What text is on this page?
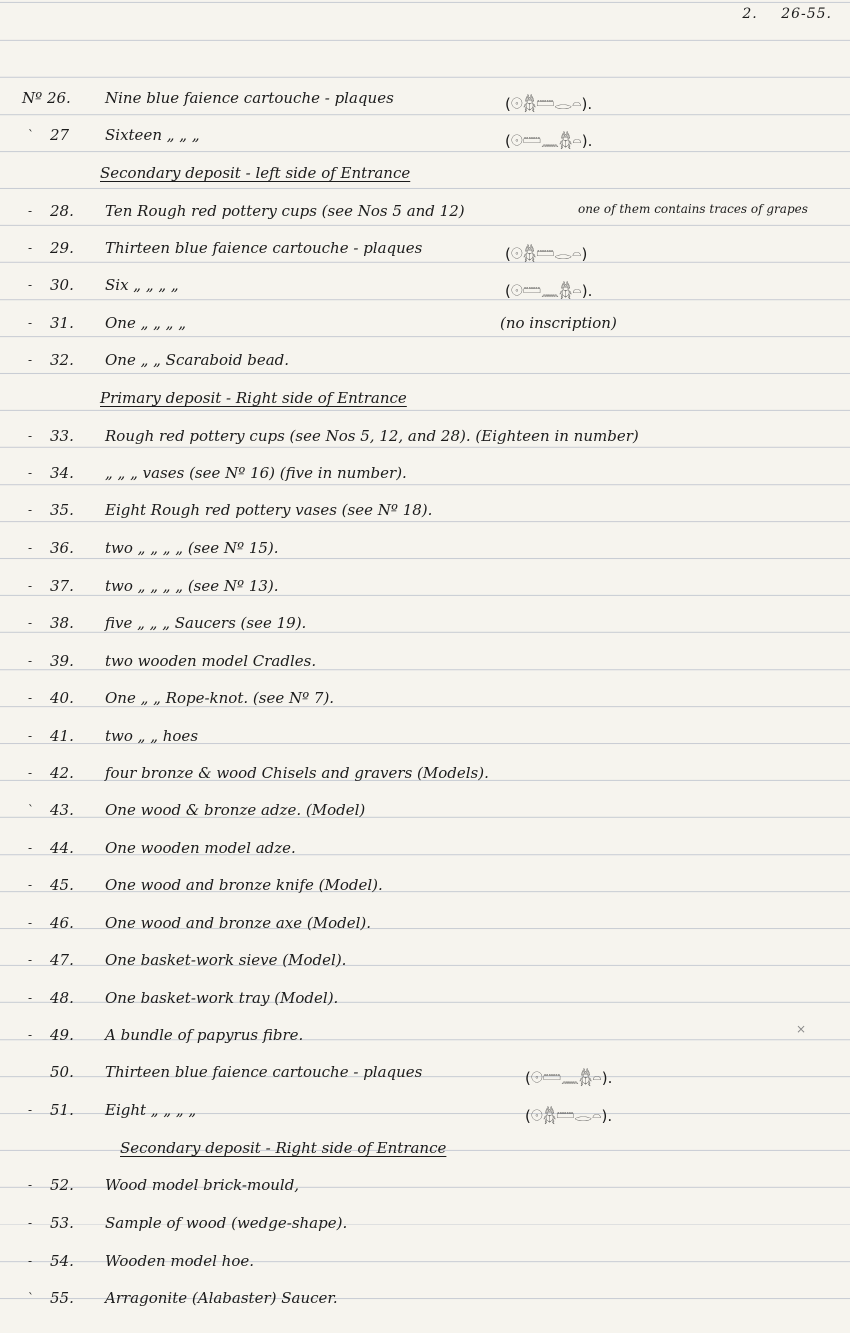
2. 26-55.
Nº 26. Nine blue faience cartouche - plaques	(𓇳𓆣𓏠𓂋𓏏).
` 27 Sixteen „ „ „	(𓇳𓏠𓈖𓆣𓏏).
Secondary deposit - left side of Entrance
- 28. Ten Rough red pottery cups (see Nos 5 and 12)	one of them contains traces of grapes
- 29. Thirteen blue faience cartouche - plaques	(𓇳𓆣𓏠𓂋𓏏)
- 30. Six „ „ „ „	(𓇳𓏠𓈖𓆣𓏏).
- 31. One „ „ „ „	(no inscription)
- 32. One „ „ Scaraboid bead.
Primary deposit - Right side of Entrance
- 33. Rough red pottery cups (see Nos 5, 12, and 28). (Eighteen in number)
- 34. „ „ „ vases (see Nº 16) (five in number).
- 35. Eight Rough red pottery vases (see Nº 18).
- 36. two „ „ „ „ (see Nº 15).
- 37. two „ „ „ „ (see Nº 13).
- 38. five „ „ „ Saucers (see 19).
- 39. two wooden model Cradles.
- 40. One „ „ Rope-knot. (see Nº 7).
- 41. two „ „ hoes
- 42. four bronze & wood Chisels and gravers (Models).
` 43. One wood & bronze adze. (Model)
- 44. One wooden model adze.
- 45. One wood and bronze knife (Model).
- 46. One wood and bronze axe (Model).
- 47. One basket-work sieve (Model).
- 48. One basket-work tray (Model).
- 49. A bundle of papyrus fibre.
50. Thirteen blue faience cartouche - plaques	(𓇳𓏠𓈖𓆣𓏏).
- 51. Eight „ „ „ „	(𓇳𓆣𓏠𓂋𓏏).
Secondary deposit - Right side of Entrance
- 52. Wood model brick-mould,
- 53. Sample of wood (wedge-shape).
- 54. Wooden model hoe.
` 55. Arragonite (Alabaster) Saucer.
×
